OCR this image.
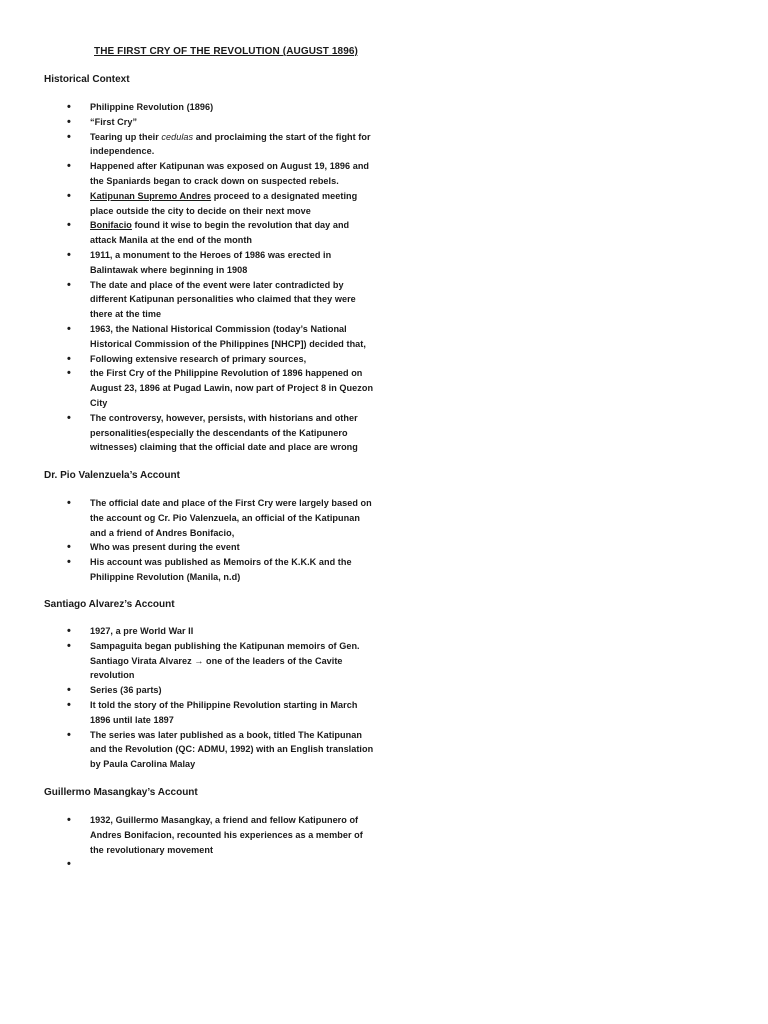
THE FIRST CRY OF THE REVOLUTION (AUGUST 1896)
Historical Context
• Philippine Revolution (1896)
• “First Cry”
• Tearing up their cedulas and proclaiming the start of the fight for independence.
• Happened after Katipunan was exposed on August 19, 1896 and the Spaniards began to crack down on suspected rebels.
• Katipunan Supremo Andres proceed to a designated meeting place outside the city to decide on their next move
• Bonifacio found it wise to begin the revolution that day and attack Manila at the end of the month
• 1911, a monument to the Heroes of 1986 was erected in Balintawak where beginning in 1908
• The date and place of the event were later contradicted by different Katipunan personalities who claimed that they were there at the time
• 1963, the National Historical Commission (today’s National Historical Commission of the Philippines [NHCP]) decided that,
• Following extensive research of primary sources,
• the First Cry of the Philippine Revolution of 1896 happened on August 23, 1896 at Pugad Lawin, now part of Project 8 in Quezon City
• The controversy, however, persists, with historians and other personalities(especially the descendants of the Katipunero witnesses) claiming that the official date and place are wrong
Dr. Pio Valenzuela’s Account
• The official date and place of the First Cry were largely based on the account og Cr. Pio Valenzuela, an official of the Katipunan and a friend of Andres Bonifacio,
• Who was present during the event
• His account was published as Memoirs of the K.K.K and the Philippine Revolution (Manila, n.d)
Santiago Alvarez’s Account
• 1927, a pre World War II
• Sampaguita began publishing the Katipunan memoirs of Gen. Santiago Virata Alvarez → one of the leaders of the Cavite revolution
• Series (36 parts)
• It told the story of the Philippine Revolution starting in March 1896 until late 1897
• The series was later published as a book, titled The Katipunan and the Revolution (QC: ADMU, 1992) with an English translation by Paula Carolina Malay
Guillermo Masangkay’s Account
• 1932, Guillermo Masangkay, a friend and fellow Katipunero of Andres Bonifacion, recounted his experiences as a member of the revolutionary movement
•
